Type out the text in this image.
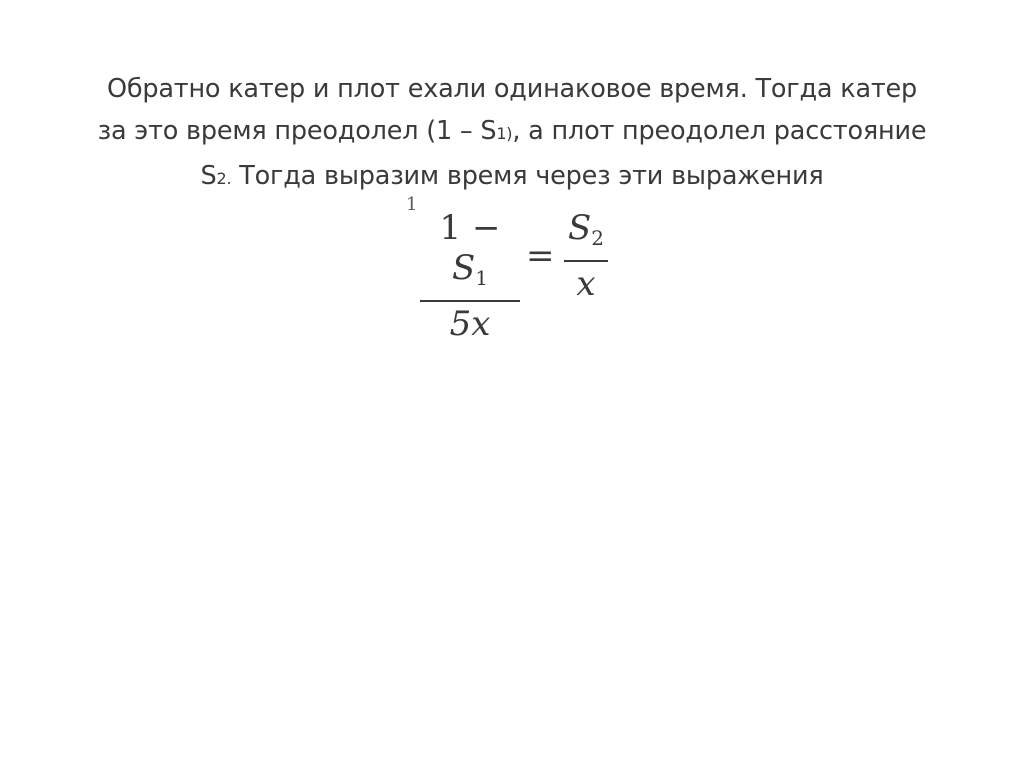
Обратно катер и плот ехали одинаковое время. Тогда катер
за это время преодолел (1 – S1), а плот преодолел расстояние
S2. Тогда выразим время через эти выражения
1
1 − S1
5x
=
S2
x
